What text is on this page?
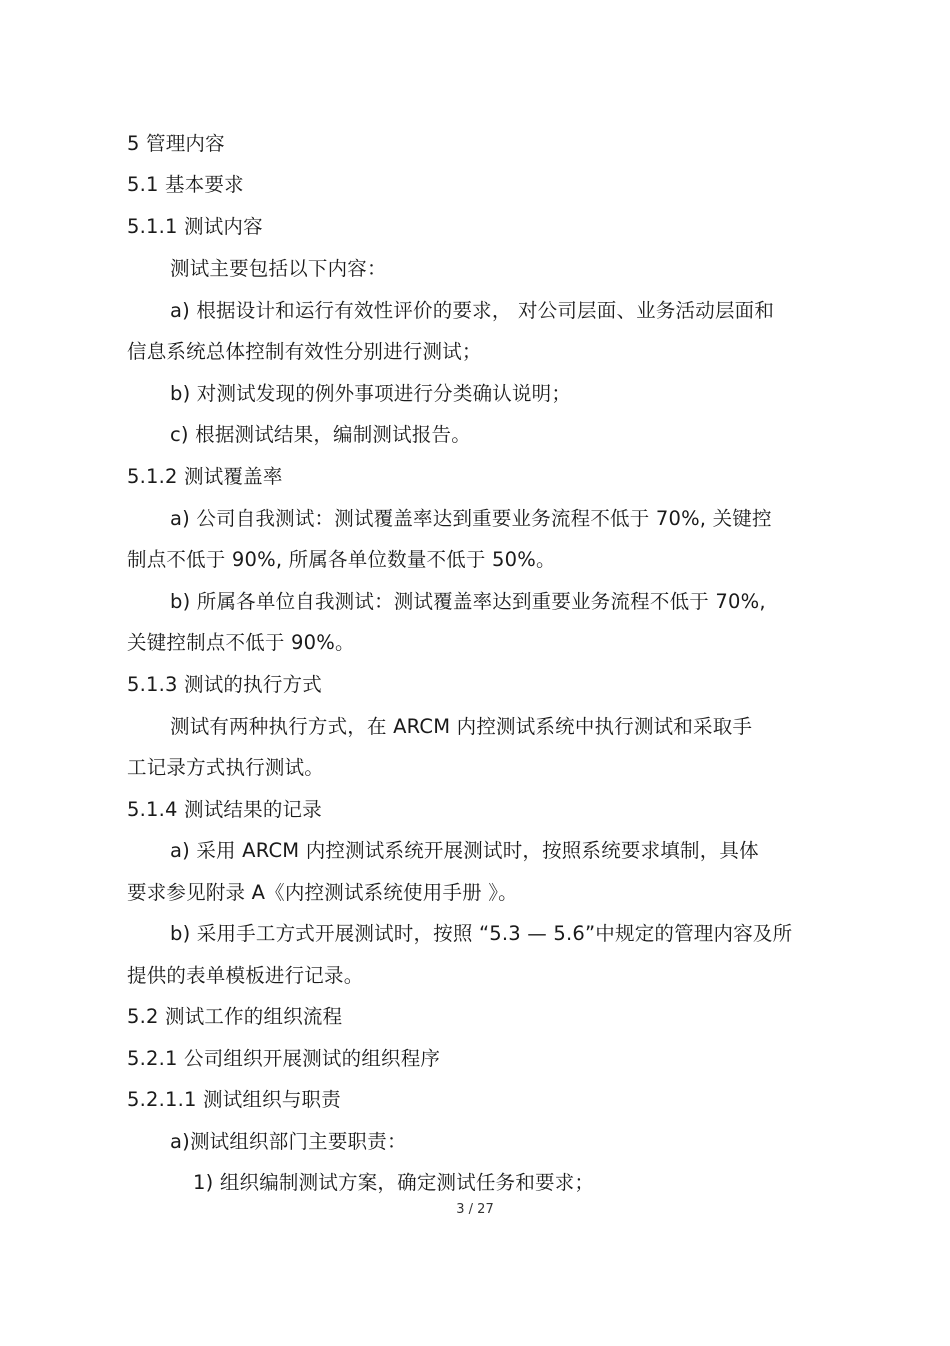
5 管理内容
5.1 基本要求
5.1.1 测试内容
测试主要包括以下内容：
a) 根据设计和运行有效性评价的要求， 对公司层面、业务活动层面和
信息系统总体控制有效性分别进行测试；
b) 对测试发现的例外事项进行分类确认说明；
c) 根据测试结果，编制测试报告。
5.1.2 测试覆盖率
a) 公司自我测试：测试覆盖率达到重要业务流程不低于 70%, 关键控
制点不低于 90%, 所属各单位数量不低于 50%。
b) 所属各单位自我测试：测试覆盖率达到重要业务流程不低于 70%,
关键控制点不低于 90%。
5.1.3 测试的执行方式
测试有两种执行方式，在 ARCM 内控测试系统中执行测试和采取手
工记录方式执行测试。
5.1.4 测试结果的记录
a) 采用 ARCM 内控测试系统开展测试时，按照系统要求填制，具体
要求参见附录 A《内控测试系统使用手册 》。
b) 采用手工方式开展测试时，按照 “5.3 — 5.6”中规定的管理内容及所
提供的表单模板进行记录。
5.2 测试工作的组织流程
5.2.1 公司组织开展测试的组织程序
5.2.1.1 测试组织与职责
a)测试组织部门主要职责：
1) 组织编制测试方案，确定测试任务和要求；
3 / 27
